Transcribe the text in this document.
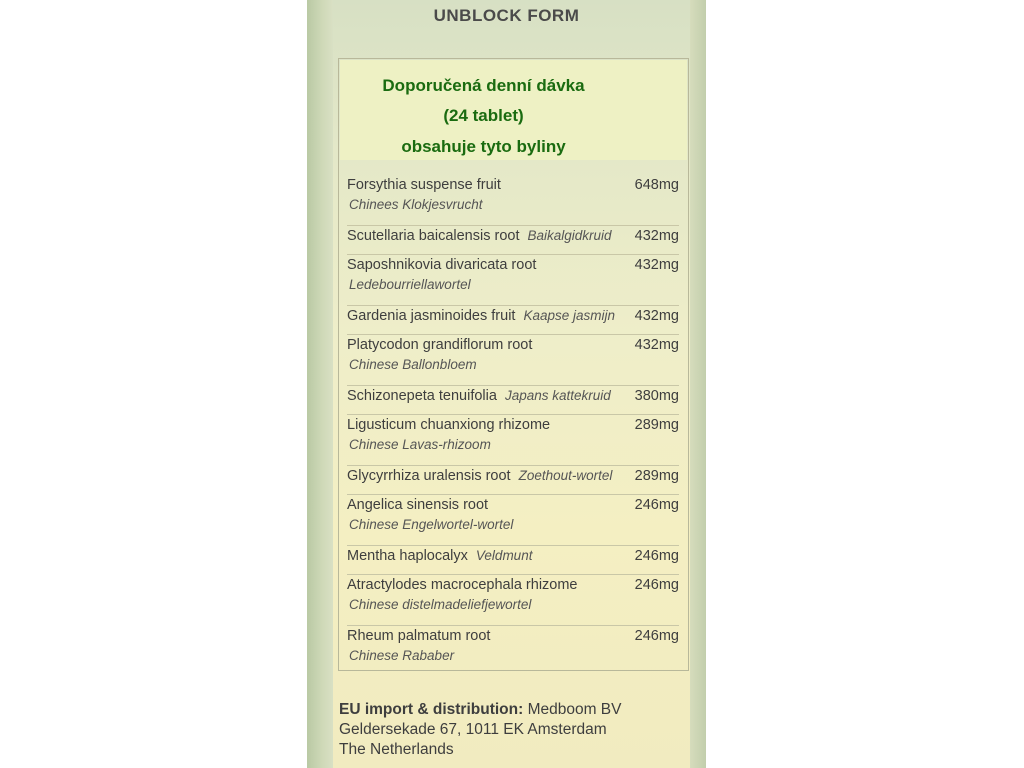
UNBLOCK FORM
Doporučená denní dávka
(24 tablet)
obsahuje tyto byliny
Forsythia suspense fruit
Chinees Klokjesvrucht
648mg
Scutellaria baicalensis root Baikalgidkruid 432mg
Saposhnikovia divaricata root
Ledebourriellawortel
432mg
Gardenia jasminoides fruit Kaapse jasmijn 432mg
Platycodon grandiflorum root
Chinese Ballonbloem
432mg
Schizonepeta tenuifolia Japans kattekruid 380mg
Ligusticum chuanxiong rhizome
Chinese Lavas-rhizoom
289mg
Glycyrrhiza uralensis root Zoethout-wortel 289mg
Angelica sinensis root
Chinese Engelwortel-wortel
246mg
Mentha haplocalyx Veldmunt	246mg
Atractylodes macrocephala rhizome
Chinese distelmadeliefjewortel
246mg
Rheum palmatum root
Chinese Rababer
246mg
EU import & distribution: Medboom BV
Geldersekade 67, 1011 EK Amsterdam
The Netherlands
